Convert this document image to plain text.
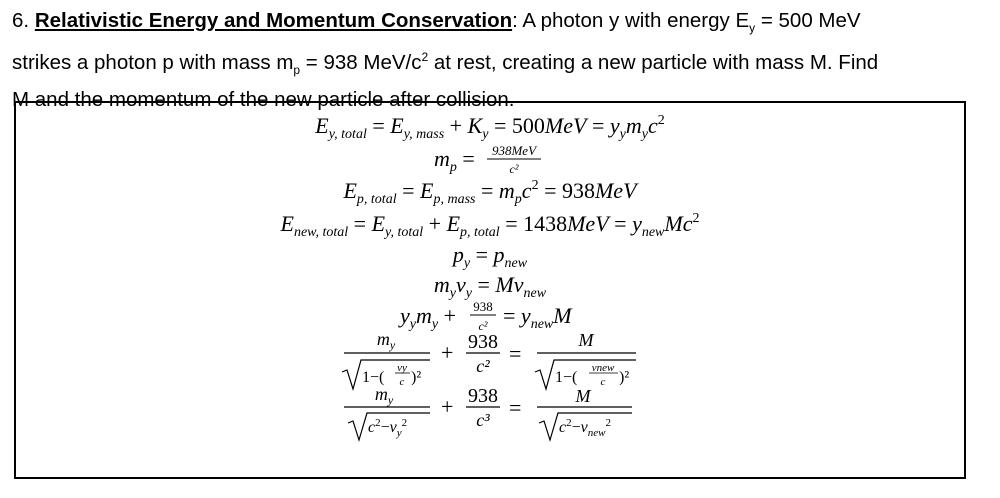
6. Relativistic Energy and Momentum Conservation: A photon y with energy $E_y = 500$ MeV
strikes a photon p with mass $m_p = 938$ MeV/$c^2$ at rest, creating a new particle with mass M. Find
M and the momentum of the new particle after collision.
$E_{y, total} = E_{y, mass} + K_y = 500MeV = y_ym_yc^2$
$m_p = 938MeV$
c²
$E_{p, total} = E_{p, mass} = m_pc^2 = 938MeV$
$E_{new, total} = E_{y, total} + E_{p, total} = 1438MeV = y_{new}Mc^2$
$p_y = p_{new}$
$m_yv_y = Mv_{new}$
$y_ym_y + 938$
$c^2 = y_{new}M$
$m_y$
1−(
vy
c )²
+ 938
c² =
M
1−(
vnew
c )²
$m_y$
$c^2-v_y^2$
+ 938
c³ =	M
$c^2-v_{new}^2$
